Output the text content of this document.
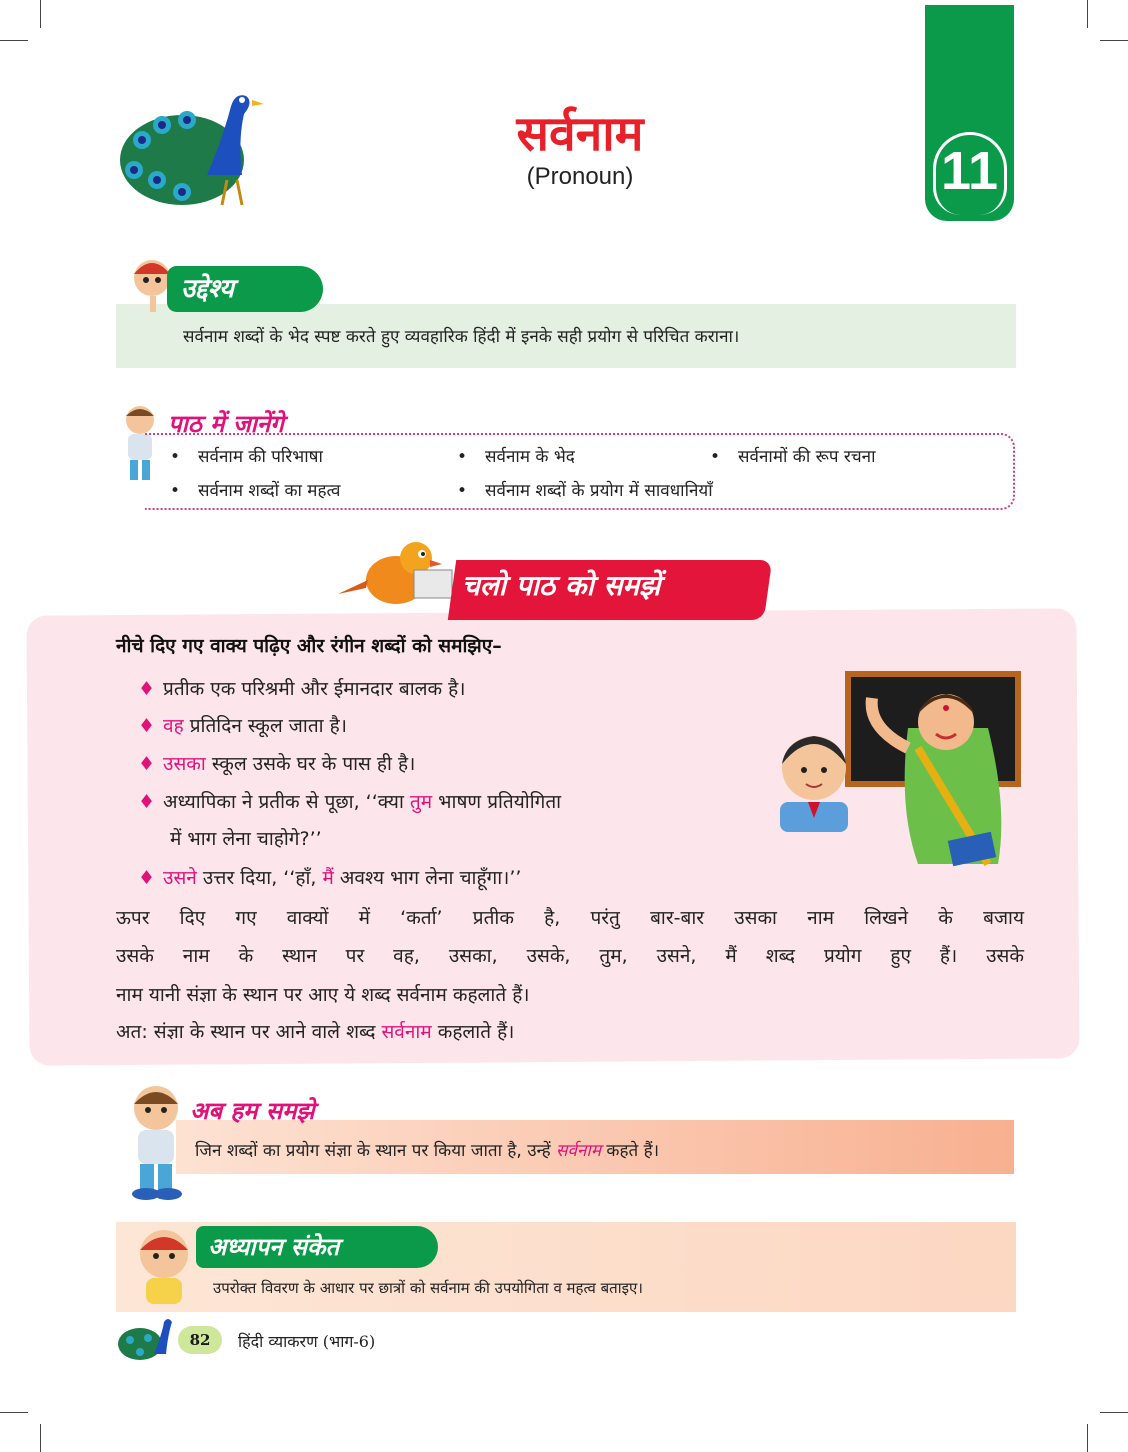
सर्वनाम
(Pronoun)	11
उद्देश्य
सर्वनाम शब्दों के भेद स्पष्ट करते हुए व्यवहारिक हिंदी में इनके सही प्रयोग से परिचित कराना।
पाठ में जानेंगे
• सर्वनाम की परिभाषा	• सर्वनाम के भेद	• सर्वनामों की रूप रचना
• सर्वनाम शब्दों का महत्व	• सर्वनाम शब्दों के प्रयोग में सावधानियाँ
चलो पाठ को समझें
नीचे दिए गए वाक्य पढ़िए और रंगीन शब्दों को समझिए–
♦ प्रतीक एक परिश्रमी और ईमानदार बालक है।
♦ वह प्रतिदिन स्कूल जाता है।
♦ उसका स्कूल उसके घर के पास ही है।
♦ अध्यापिका ने प्रतीक से पूछा, ‘‘क्या तुम भाषण प्रतियोगिता
में भाग लेना चाहोगे?’’
♦ उसने उत्तर दिया, ‘‘हाँ, मैं अवश्य भाग लेना चाहूँगा।’’
ऊपर दिए गए वाक्यों में ‘कर्ता’ प्रतीक है, परंतु बार-बार उसका नाम लिखने के बजाय
उसके नाम के स्थान पर वह, उसका, उसके, तुम, उसने, मैं शब्द प्रयोग हुए हैं। उसके
नाम यानी संज्ञा के स्थान पर आए ये शब्द सर्वनाम कहलाते हैं।
अत: संज्ञा के स्थान पर आने वाले शब्द सर्वनाम कहलाते हैं।
अब हम समझे
जिन शब्दों का प्रयोग संज्ञा के स्थान पर किया जाता है, उन्हें सर्वनाम कहते हैं।
अध्यापन संकेत
उपरोक्त विवरण के आधार पर छात्रों को सर्वनाम की उपयोगिता व महत्व बताइए।
82	हिंदी व्याकरण (भाग-6)
